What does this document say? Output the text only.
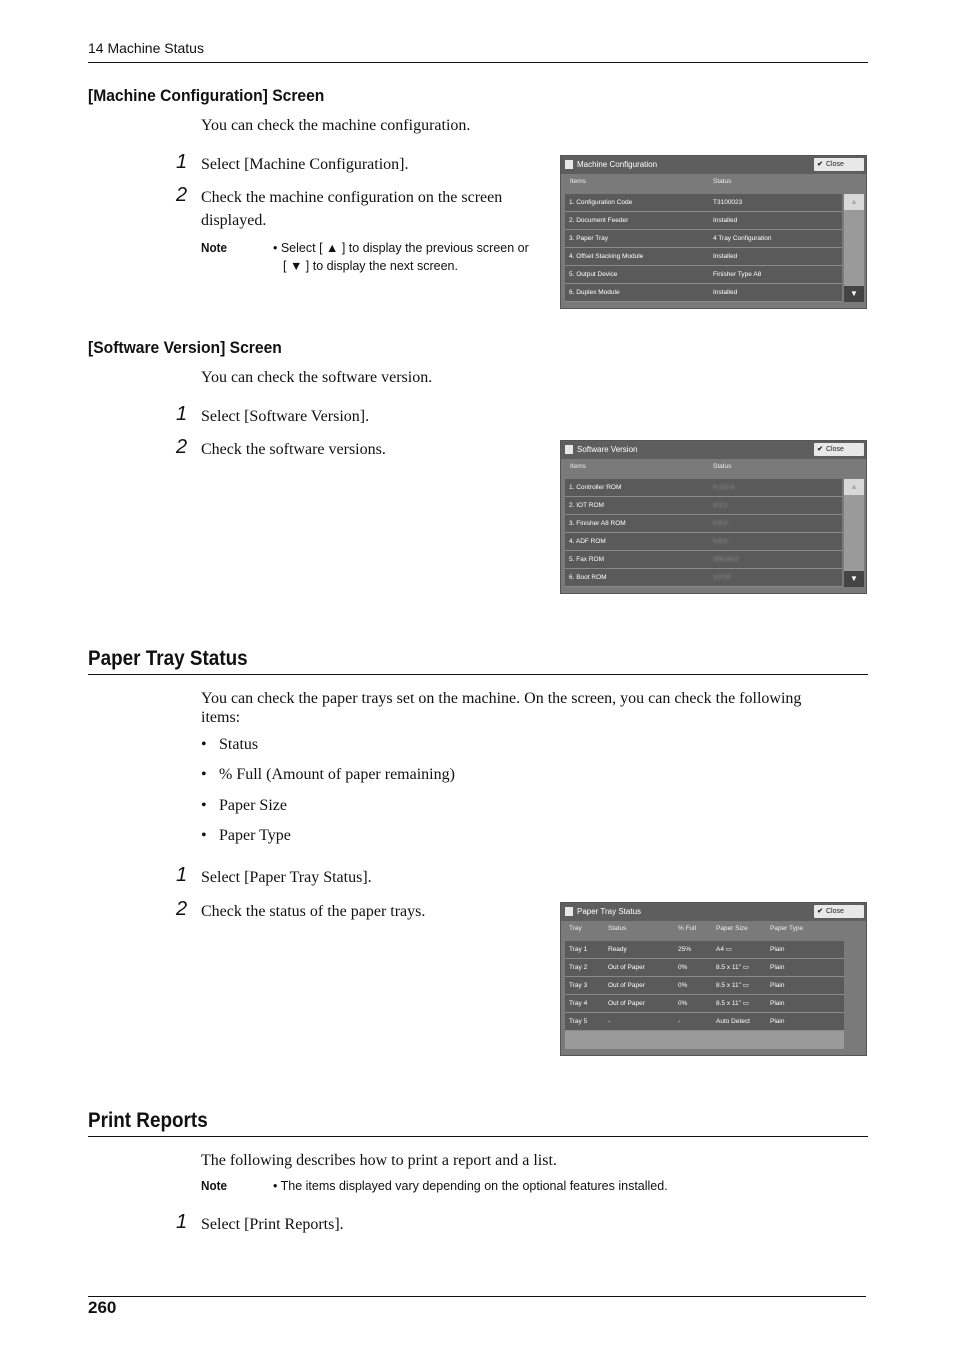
14 Machine Status
[Machine Configuration] Screen
You can check the machine configuration.
1 Select [Machine Configuration].
2 Check the machine configuration on the screen
displayed.
Note	• Select [ ▲ ] to display the previous screen or
[ ▼ ] to display the next screen.
Machine Configuration	✔ Close
Items	Status
1. Configuration Code	T3100023
2. Document Feeder	Installed
3. Paper Tray	4 Tray Configuration
4. Offset Stacking Module	Installed
5. Output Device	Finisher Type A8
6. Duplex Module	Installed
▲
▼
[Software Version] Screen
You can check the software version.
1 Select [Software Version].
2 Check the software versions.	Software Version	✔ Close
Items	Status
1. Controller ROM	0.112.0
2. IOT ROM	3.0.1
3. Finisher A8 ROM	5.6.0
4. ADF ROM	5.6.0
5. Fax ROM	100.10.2
6. Boot ROM	1.0.57
▲
▼
Paper Tray Status
You can check the paper trays set on the machine. On the screen, you can check the following
items:
• Status
• % Full (Amount of paper remaining)
• Paper Size
• Paper Type
1 Select [Paper Tray Status].
2 Check the status of the paper trays.	Paper Tray Status	✔ Close
Tray	Status	% Full	Paper Size	Paper Type
Tray 1	Ready	25%	A4 ▭	Plain
Tray 2	Out of Paper	0%	8.5 x 11" ▭	Plain
Tray 3	Out of Paper	0%	8.5 x 11" ▭	Plain
Tray 4	Out of Paper	0%	8.5 x 11" ▭	Plain
Tray 5	-	-	Auto Detect	Plain
Print Reports
The following describes how to print a report and a list.
Note	• The items displayed vary depending on the optional features installed.
1 Select [Print Reports].
260
